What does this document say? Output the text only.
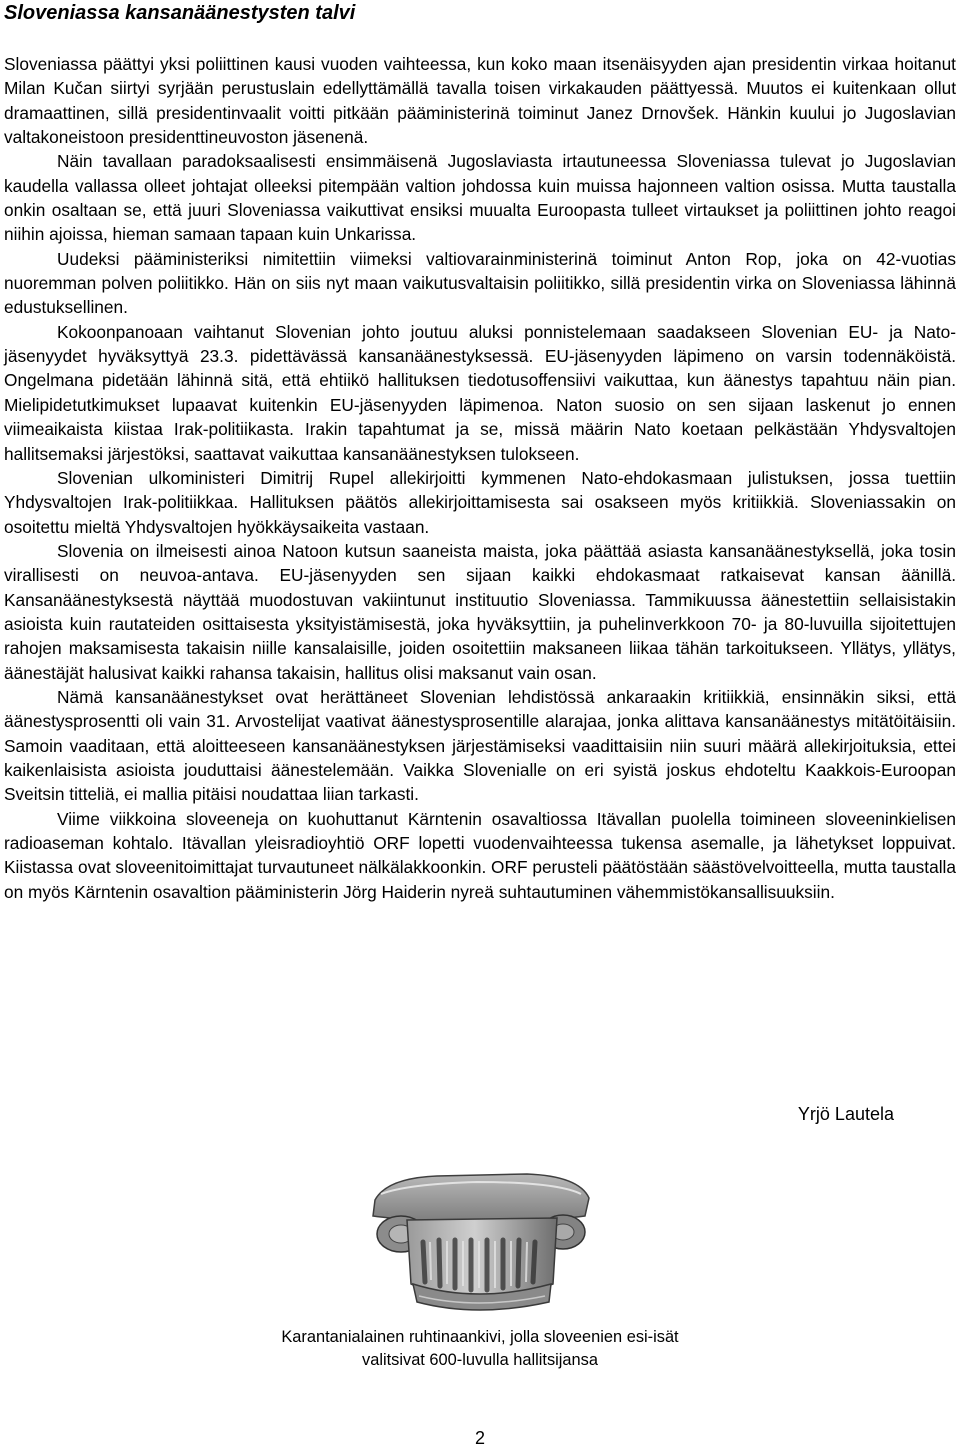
Sloveniassa kansanäänestysten talvi

Sloveniassa päättyi yksi poliittinen kausi vuoden vaihteessa, kun koko maan itsenäisyyden ajan presidentin virkaa hoitanut Milan Kučan siirtyi syrjään perustuslain edellyttämällä tavalla toisen virkakauden päättyessä. Muutos ei kuitenkaan ollut dramaattinen, sillä presidentinvaalit voitti pitkään pääministerinä toiminut Janez Drnovšek. Hänkin kuului jo Jugoslavian valtakoneistoon presidenttineuvoston jäsenenä.

Näin tavallaan paradoksaalisesti ensimmäisenä Jugoslaviasta irtautuneessa Sloveniassa tulevat jo Jugoslavian kaudella vallassa olleet johtajat olleeksi pitempään valtion johdossa kuin muissa hajonneen valtion osissa. Mutta taustalla onkin osaltaan se, että juuri Sloveniassa vaikuttivat ensiksi muualta Euroopasta tulleet virtaukset ja poliittinen johto reagoi niihin ajoissa, hieman samaan tapaan kuin Unkarissa.

Uudeksi pääministeriksi nimitettiin viimeksi valtiovarainministerinä toiminut Anton Rop, joka on 42-vuotias nuoremman polven poliitikko. Hän on siis nyt maan vaikutusvaltaisin poliitikko, sillä presidentin virka on Sloveniassa lähinnä edustuksellinen.

Kokoonpanoaan vaihtanut Slovenian johto joutuu aluksi ponnistelemaan saadakseen Slovenian EU- ja Nato-jäsenyydet hyväksyttyä 23.3. pidettävässä kansanäänestyksessä. EU-jäsenyyden läpimeno on varsin todennäköistä. Ongelmana pidetään lähinnä sitä, että ehtiikö hallituksen tiedotusoffensiivi vaikuttaa, kun äänestys tapahtuu näin pian. Mielipidetutkimukset lupaavat kuitenkin EU-jäsenyyden läpimenoa. Naton suosio on sen sijaan laskenut jo ennen viimeaikaista kiistaa Irak-politiikasta. Irakin tapahtumat ja se, missä määrin Nato koetaan pelkästään Yhdysvaltojen hallitsemaksi järjestöksi, saattavat vaikuttaa kansanäänestyksen tulokseen.

Slovenian ulkoministeri Dimitrij Rupel allekirjoitti kymmenen Nato-ehdokasmaan julistuksen, jossa tuettiin Yhdysvaltojen Irak-politiikkaa. Hallituksen päätös allekirjoittamisesta sai osakseen myös kritiikkiä. Sloveniassakin on osoitettu mieltä Yhdysvaltojen hyökkäysaikeita vastaan.

Slovenia on ilmeisesti ainoa Natoon kutsun saaneista maista, joka päättää asiasta kansanäänestyksellä, joka tosin virallisesti on neuvoa-antava. EU-jäsenyyden sen sijaan kaikki ehdokasmaat ratkaisevat kansan äänillä. Kansanäänestyksestä näyttää muodostuvan vakiintunut instituutio Sloveniassa. Tammikuussa äänestettiin sellaisistakin asioista kuin rautateiden osittaisesta yksityistämisestä, joka hyväksyttiin, ja puhelinverkkoon 70- ja 80-luvuilla sijoitettujen rahojen maksamisesta takaisin niille kansalaisille, joiden osoitettiin maksaneen liikaa tähän tarkoitukseen. Yllätys, yllätys, äänestäjät halusivat kaikki rahansa takaisin, hallitus olisi maksanut vain osan.

Nämä kansanäänestykset ovat herättäneet Slovenian lehdistössä ankaraakin kritiikkiä, ensinnäkin siksi, että äänestysprosentti oli vain 31. Arvostelijat vaativat äänestysprosentille alarajaa, jonka alittava kansanäänestys mitätöitäisiin. Samoin vaaditaan, että aloitteeseen kansanäänestyksen järjestämiseksi vaadittaisiin niin suuri määrä allekirjoituksia, ettei kaikenlaisista asioista jouduttaisi äänestelemään. Vaikka Slovenialle on eri syistä joskus ehdoteltu Kaakkois-Euroopan Sveitsin titteliä, ei mallia pitäisi noudattaa liian tarkasti.

Viime viikkoina sloveeneja on kuohuttanut Kärntenin osavaltiossa Itävallan puolella toimineen sloveeninkielisen radioaseman kohtalo. Itävallan yleisradioyhtiö ORF lopetti vuodenvaihteessa tukensa asemalle, ja lähetykset loppuivat. Kiistassa ovat sloveenitoimittajat turvautuneet nälkälakkoonkin. ORF perusteli päätöstään säästövelvoitteella, mutta taustalla on myös Kärntenin osavaltion pääministerin Jörg Haiderin nyreä suhtautuminen vähemmistökansallisuuksiin.

Yrjö Lautela
Karantanialainen ruhtinaankivi, jolla sloveenien esi-isät
valitsivat 600-luvulla hallitsijansa
2
